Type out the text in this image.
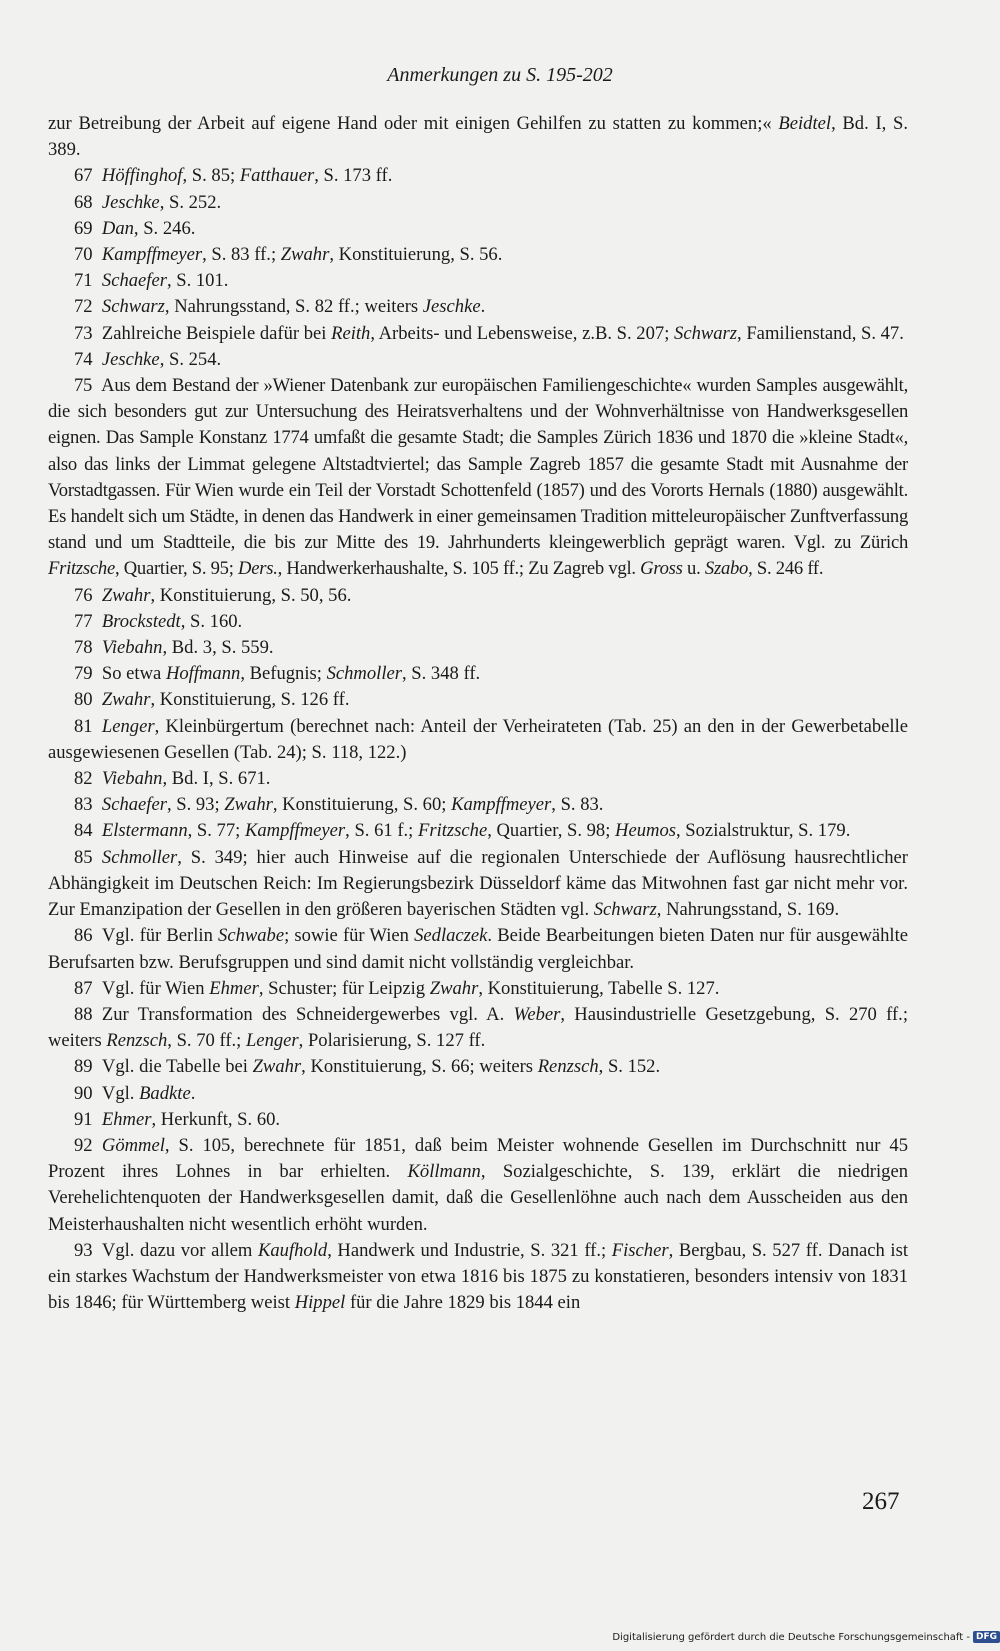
Anmerkungen zu S. 195-202

zur Betreibung der Arbeit auf eigene Hand oder mit einigen Gehilfen zu statten zu kommen;« Beidtel, Bd. I, S. 389.

67  Höffinghof, S. 85; Fatthauer, S. 173 ff.

68  Jeschke, S. 252.

69  Dan, S. 246.

70  Kampffmeyer, S. 83 ff.; Zwahr, Konstituierung, S. 56.

71  Schaefer, S. 101.

72  Schwarz, Nahrungsstand, S. 82 ff.; weiters Jeschke.

73  Zahlreiche Beispiele dafür bei Reith, Arbeits- und Lebensweise, z.B. S. 207; Schwarz, Familienstand, S. 47.

74  Jeschke, S. 254.

75  Aus dem Bestand der »Wiener Datenbank zur europäischen Familiengeschichte« wurden Samples ausgewählt, die sich besonders gut zur Untersuchung des Heiratsverhaltens und der Wohnverhältnisse von Handwerksgesellen eignen. Das Sample Konstanz 1774 umfaßt die gesamte Stadt; die Samples Zürich 1836 und 1870 die »kleine Stadt«, also das links der Limmat gelegene Altstadtviertel; das Sample Zagreb 1857 die gesamte Stadt mit Ausnahme der Vorstadtgassen. Für Wien wurde ein Teil der Vorstadt Schottenfeld (1857) und des Vororts Hernals (1880) ausgewählt. Es handelt sich um Städte, in denen das Handwerk in einer gemeinsamen Tradition mitteleuropäischer Zunftverfassung stand und um Stadtteile, die bis zur Mitte des 19. Jahrhunderts kleingewerblich geprägt waren. Vgl. zu Zürich Fritzsche, Quartier, S. 95; Ders., Handwerkerhaushalte, S. 105 ff.; Zu Zagreb vgl. Gross u. Szabo, S. 246 ff.

76  Zwahr, Konstituierung, S. 50, 56.

77  Brockstedt, S. 160.

78  Viebahn, Bd. 3, S. 559.

79  So etwa Hoffmann, Befugnis; Schmoller, S. 348 ff.

80  Zwahr, Konstituierung, S. 126 ff.

81  Lenger, Kleinbürgertum (berechnet nach: Anteil der Verheirateten (Tab. 25) an den in der Gewerbetabelle ausgewiesenen Gesellen (Tab. 24); S. 118, 122.)

82  Viebahn, Bd. I, S. 671.

83  Schaefer, S. 93; Zwahr, Konstituierung, S. 60; Kampffmeyer, S. 83.

84  Elstermann, S. 77; Kampffmeyer, S. 61 f.; Fritzsche, Quartier, S. 98; Heumos, Sozialstruktur, S. 179.

85  Schmoller, S. 349; hier auch Hinweise auf die regionalen Unterschiede der Auflösung hausrechtlicher Abhängigkeit im Deutschen Reich: Im Regierungsbezirk Düsseldorf käme das Mitwohnen fast gar nicht mehr vor. Zur Emanzipation der Gesellen in den größeren bayerischen Städten vgl. Schwarz, Nahrungsstand, S. 169.

86  Vgl. für Berlin Schwabe; sowie für Wien Sedlaczek. Beide Bearbeitungen bieten Daten nur für ausgewählte Berufsarten bzw. Berufsgruppen und sind damit nicht vollständig vergleichbar.

87  Vgl. für Wien Ehmer, Schuster; für Leipzig Zwahr, Konstituierung, Tabelle S. 127.

88  Zur Transformation des Schneidergewerbes vgl. A. Weber, Hausindustrielle Gesetzgebung, S. 270 ff.; weiters Renzsch, S. 70 ff.; Lenger, Polarisierung, S. 127 ff.

89  Vgl. die Tabelle bei Zwahr, Konstituierung, S. 66; weiters Renzsch, S. 152.

90  Vgl. Badkte.

91  Ehmer, Herkunft, S. 60.

92  Gömmel, S. 105, berechnete für 1851, daß beim Meister wohnende Gesellen im Durchschnitt nur 45 Prozent ihres Lohnes in bar erhielten. Köllmann, Sozialgeschichte, S. 139, erklärt die niedrigen Verehelichtenquoten der Handwerksgesellen damit, daß die Gesellenlöhne auch nach dem Ausscheiden aus den Meisterhaushalten nicht wesentlich erhöht wurden.

93  Vgl. dazu vor allem Kaufhold, Handwerk und Industrie, S. 321 ff.; Fischer, Bergbau, S. 527 ff. Danach ist ein starkes Wachstum der Handwerksmeister von etwa 1816 bis 1875 zu konstatieren, besonders intensiv von 1831 bis 1846; für Württemberg weist Hippel für die Jahre 1829 bis 1844 ein

267
Digitalisierung gefördert durch die Deutsche Forschungsgemeinschaft - DFG
